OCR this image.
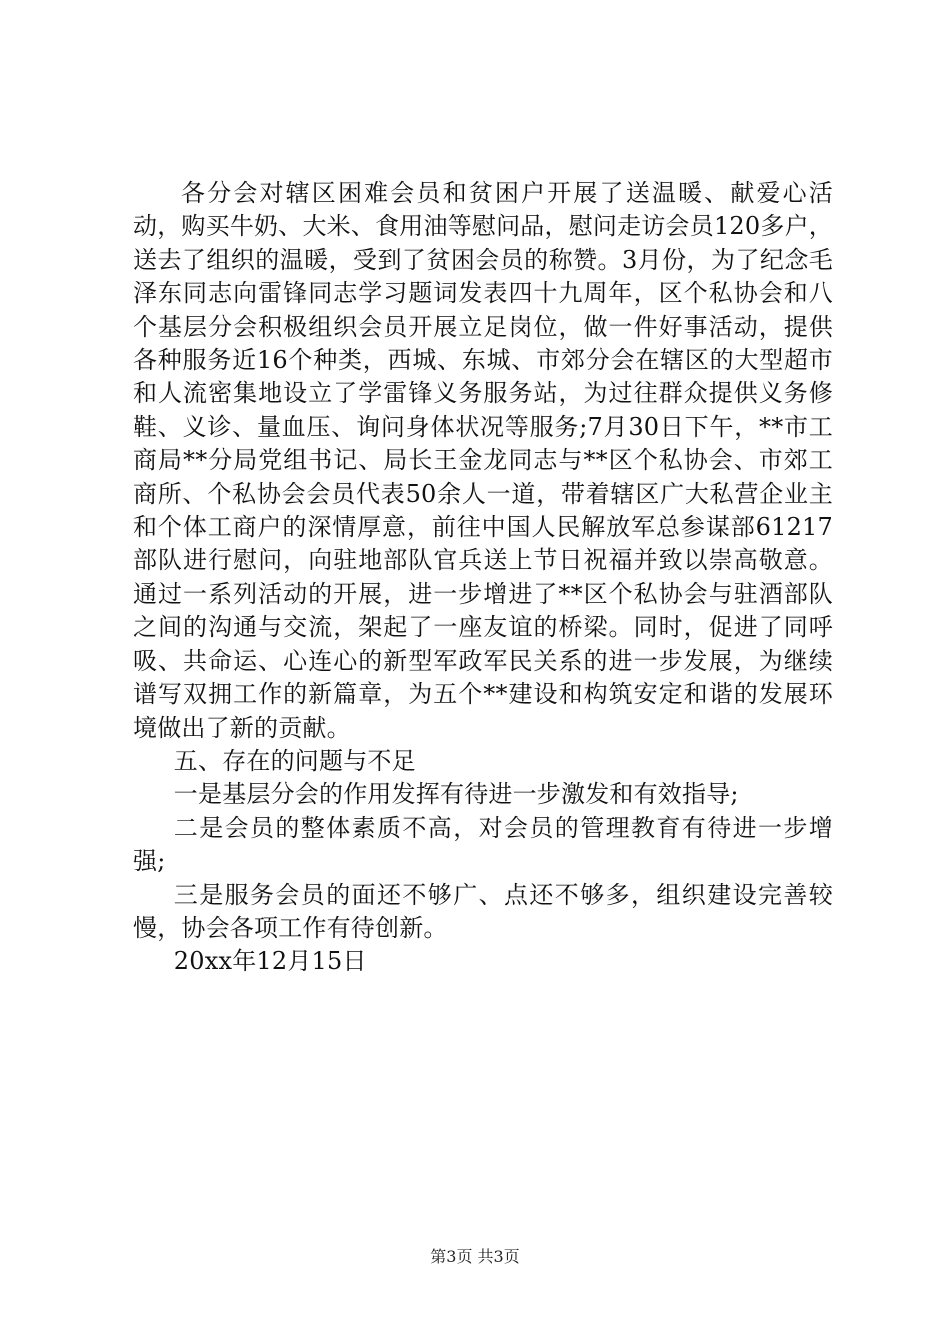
各分会对辖区困难会员和贫困户开展了送温暖、献爱心活动，购买牛奶、大米、食用油等慰问品，慰问走访会员120多户，送去了组织的温暖，受到了贫困会员的称赞。3月份，为了纪念毛泽东同志向雷锋同志学习题词发表四十九周年，区个私协会和八个基层分会积极组织会员开展立足岗位，做一件好事活动，提供各种服务近16个种类，西城、东城、市郊分会在辖区的大型超市和人流密集地设立了学雷锋义务服务站，为过往群众提供义务修鞋、义诊、量血压、询问身体状况等服务;7月30日下午，**市工商局**分局党组书记、局长王金龙同志与**区个私协会、市郊工商所、个私协会会员代表50余人一道，带着辖区广大私营企业主和个体工商户的深情厚意，前往中国人民解放军总参谋部61217部队进行慰问，向驻地部队官兵送上节日祝福并致以崇高敬意。通过一系列活动的开展，进一步增进了**区个私协会与驻酒部队之间的沟通与交流，架起了一座友谊的桥梁。同时，促进了同呼吸、共命运、心连心的新型军政军民关系的进一步发展，为继续谱写双拥工作的新篇章，为五个**建设和构筑安定和谐的发展环境做出了新的贡献。

五、存在的问题与不足

一是基层分会的作用发挥有待进一步激发和有效指导;

二是会员的整体素质不高，对会员的管理教育有待进一步增强;

三是服务会员的面还不够广、点还不够多，组织建设完善较慢，协会各项工作有待创新。

20xx年12月15日

第3页 共3页
